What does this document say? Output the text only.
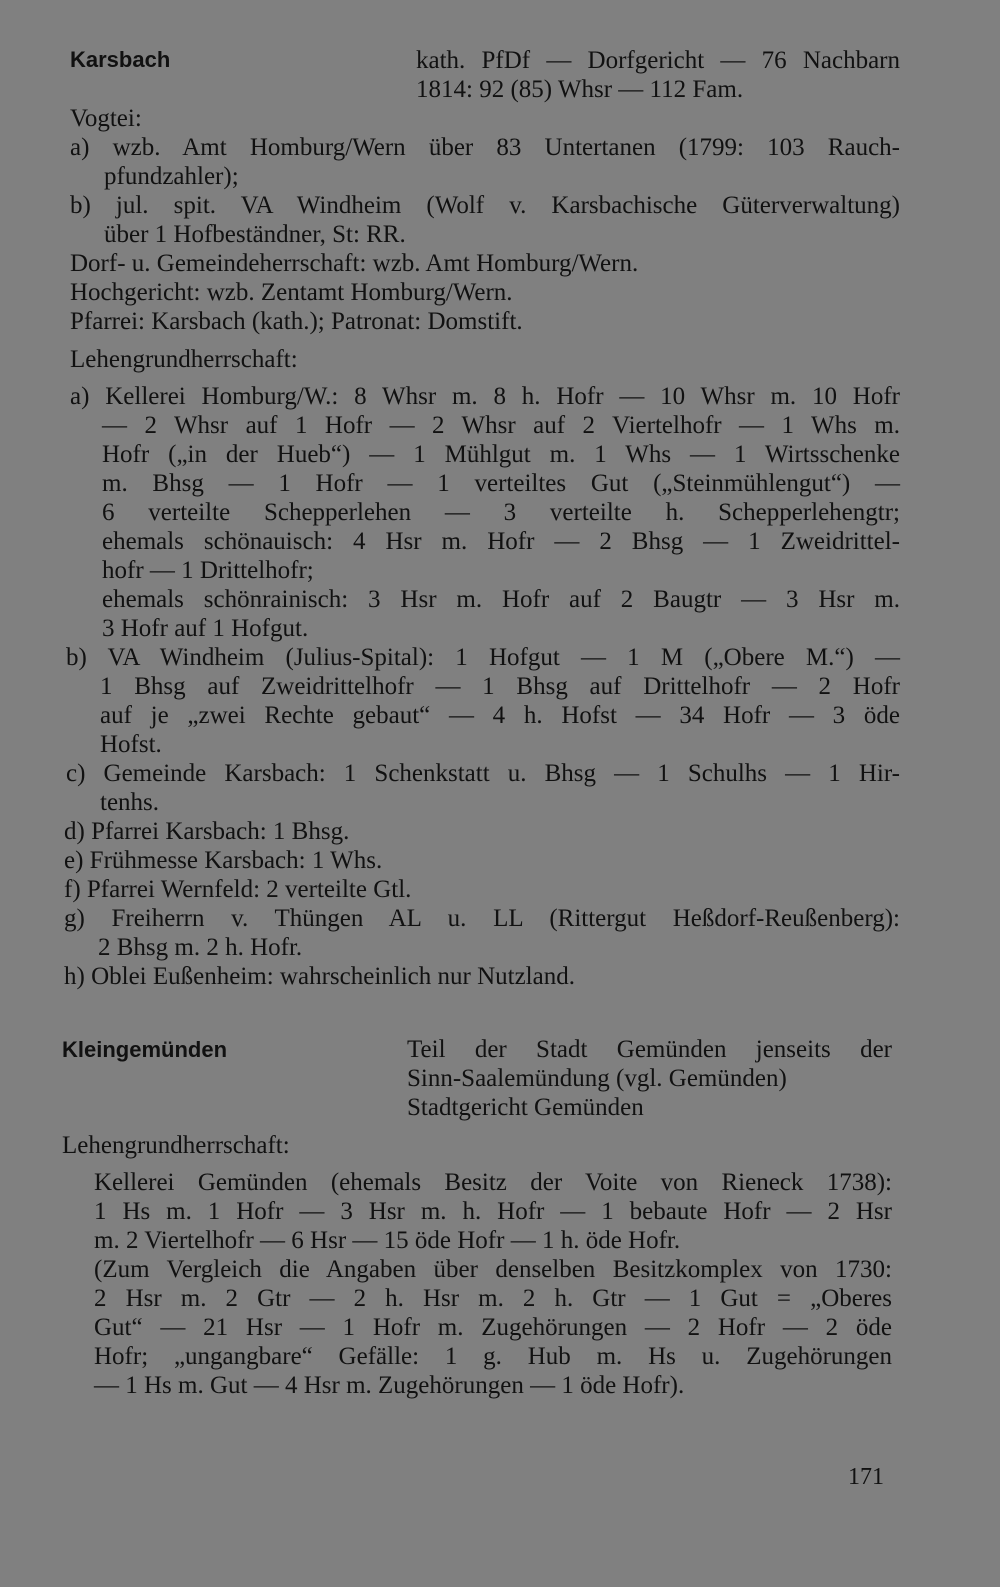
Karsbach	kath. PfDf — Dorfgericht — 76 Nachbarn
1814: 92 (85) Whsr — 112 Fam.
Vogtei:
a) wzb. Amt Homburg/Wern über 83 Untertanen (1799: 103 Rauch-
pfundzahler);
b) jul. spit. VA Windheim (Wolf v. Karsbachische Güterverwaltung)
über 1 Hofbeständner, St: RR.
Dorf- u. Gemeindeherrschaft: wzb. Amt Homburg/Wern.
Hochgericht: wzb. Zentamt Homburg/Wern.
Pfarrei: Karsbach (kath.); Patronat: Domstift.
Lehengrundherrschaft:
a) Kellerei Homburg/W.: 8 Whsr m. 8 h. Hofr — 10 Whsr m. 10 Hofr
— 2 Whsr auf 1 Hofr — 2 Whsr auf 2 Viertelhofr — 1 Whs m.
Hofr („in der Hueb“) — 1 Mühlgut m. 1 Whs — 1 Wirtsschenke
m. Bhsg — 1 Hofr — 1 verteiltes Gut („Steinmühlengut“) —
6 verteilte Schepperlehen — 3 verteilte h. Schepperlehengtr;
ehemals schönauisch: 4 Hsr m. Hofr — 2 Bhsg — 1 Zweidrittel-
hofr — 1 Drittelhofr;
ehemals schönrainisch: 3 Hsr m. Hofr auf 2 Baugtr — 3 Hsr m.
3 Hofr auf 1 Hofgut.
b) VA Windheim (Julius-Spital): 1 Hofgut — 1 M („Obere M.“) —
1 Bhsg auf Zweidrittelhofr — 1 Bhsg auf Drittelhofr — 2 Hofr
auf je „zwei Rechte gebaut“ — 4 h. Hofst — 34 Hofr — 3 öde
Hofst.
c) Gemeinde Karsbach: 1 Schenkstatt u. Bhsg — 1 Schulhs — 1 Hir-
tenhs.
d) Pfarrei Karsbach: 1 Bhsg.
e) Frühmesse Karsbach: 1 Whs.
f) Pfarrei Wernfeld: 2 verteilte Gtl.
g) Freiherrn v. Thüngen AL u. LL (Rittergut Heßdorf-Reußenberg):
2 Bhsg m. 2 h. Hofr.
h) Oblei Eußenheim: wahrscheinlich nur Nutzland.
Kleingemünden	Teil der Stadt Gemünden jenseits der
Sinn-Saalemündung (vgl. Gemünden)
Stadtgericht Gemünden
Lehengrundherrschaft:
Kellerei Gemünden (ehemals Besitz der Voite von Rieneck 1738):
1 Hs m. 1 Hofr — 3 Hsr m. h. Hofr — 1 bebaute Hofr — 2 Hsr
m. 2 Viertelhofr — 6 Hsr — 15 öde Hofr — 1 h. öde Hofr.
(Zum Vergleich die Angaben über denselben Besitzkomplex von 1730:
2 Hsr m. 2 Gtr — 2 h. Hsr m. 2 h. Gtr — 1 Gut = „Oberes
Gut“ — 21 Hsr — 1 Hofr m. Zugehörungen — 2 Hofr — 2 öde
Hofr; „ungangbare“ Gefälle: 1 g. Hub m. Hs u. Zugehörungen
— 1 Hs m. Gut — 4 Hsr m. Zugehörungen — 1 öde Hofr).
171
